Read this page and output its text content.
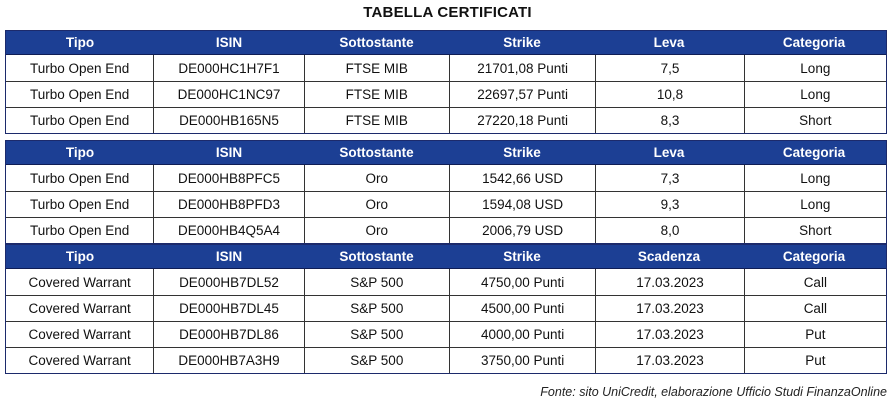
TABELLA CERTIFICATI
Tipo	ISIN	Sottostante	Strike	Leva	Categoria
Turbo Open End	DE000HC1H7F1	FTSE MIB	21701,08 Punti	7,5	Long
Turbo Open End	DE000HC1NC97	FTSE MIB	22697,57 Punti	10,8	Long
Turbo Open End	DE000HB165N5	FTSE MIB	27220,18 Punti	8,3	Short
Tipo	ISIN	Sottostante	Strike	Leva	Categoria
Turbo Open End	DE000HB8PFC5	Oro	1542,66 USD	7,3	Long
Turbo Open End	DE000HB8PFD3	Oro	1594,08 USD	9,3	Long
Turbo Open End	DE000HB4Q5A4	Oro	2006,79 USD	8,0	Short
Tipo	ISIN	Sottostante	Strike	Scadenza	Categoria
Covered Warrant	DE000HB7DL52	S&P 500	4750,00 Punti	17.03.2023	Call
Covered Warrant	DE000HB7DL45	S&P 500	4500,00 Punti	17.03.2023	Call
Covered Warrant	DE000HB7DL86	S&P 500	4000,00 Punti	17.03.2023	Put
Covered Warrant	DE000HB7A3H9	S&P 500	3750,00 Punti	17.03.2023	Put
Fonte: sito UniCredit, elaborazione Ufficio Studi FinanzaOnline
